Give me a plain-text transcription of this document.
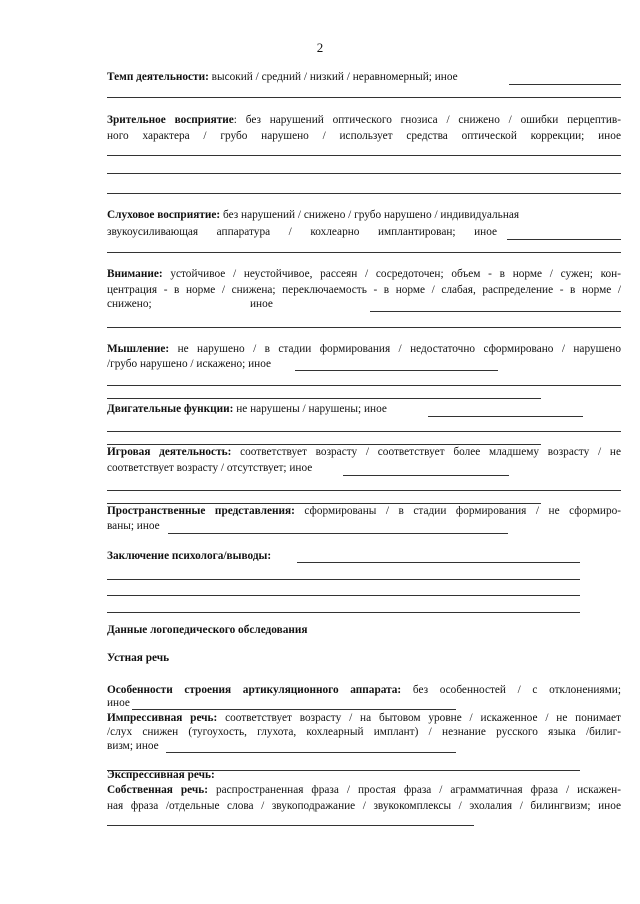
2
Темп деятельности: высокий / средний / низкий / неравномерный; иное
Зрительное восприятие: без нарушений оптического гнозиса / снижено / ошибки перцептив-
ного характера / грубо нарушено / использует средства оптической коррекции; иное
Слуховое восприятие: без нарушений / снижено / грубо нарушено / индивидуальная
звукоусиливающая аппаратура / кохлеарно имплантирован; иное
Внимание: устойчивое / неустойчивое, рассеян / сосредоточен; объем - в норме / сужен; кон-
центрация - в норме / снижена; переключаемость - в норме / слабая, распределение - в норме /
снижено;	иное
Мышление: не нарушено / в стадии формирования / недостаточно сформировано / нарушено
/грубо нарушено / искажено; иное
Двигательные функции: не нарушены / нарушены; иное
Игровая деятельность: соответствует возрасту / соответствует более младшему возрасту / не
соответствует возрасту / отсутствует; иное
Пространственные представления: сформированы / в стадии формирования / не сформиро-
ваны; иное
Заключение психолога/выводы:
Данные логопедического обследования
Устная речь
Особенности строения артикуляционного аппарата: без особенностей / с отклонениями;
иное
Импрессивная речь: соответствует возрасту / на бытовом уровне / искаженное / не понимает
/слух снижен (тугоухость, глухота, кохлеарный имплант) / незнание русского языка /билиг-
визм; иное
Экспрессивная речь:
Собственная речь: распространенная фраза / простая фраза / аграмматичная фраза / искажен-
ная фраза /отдельные слова / звукоподражание / звукокомплексы / эхолалия / билингвизм; иное
